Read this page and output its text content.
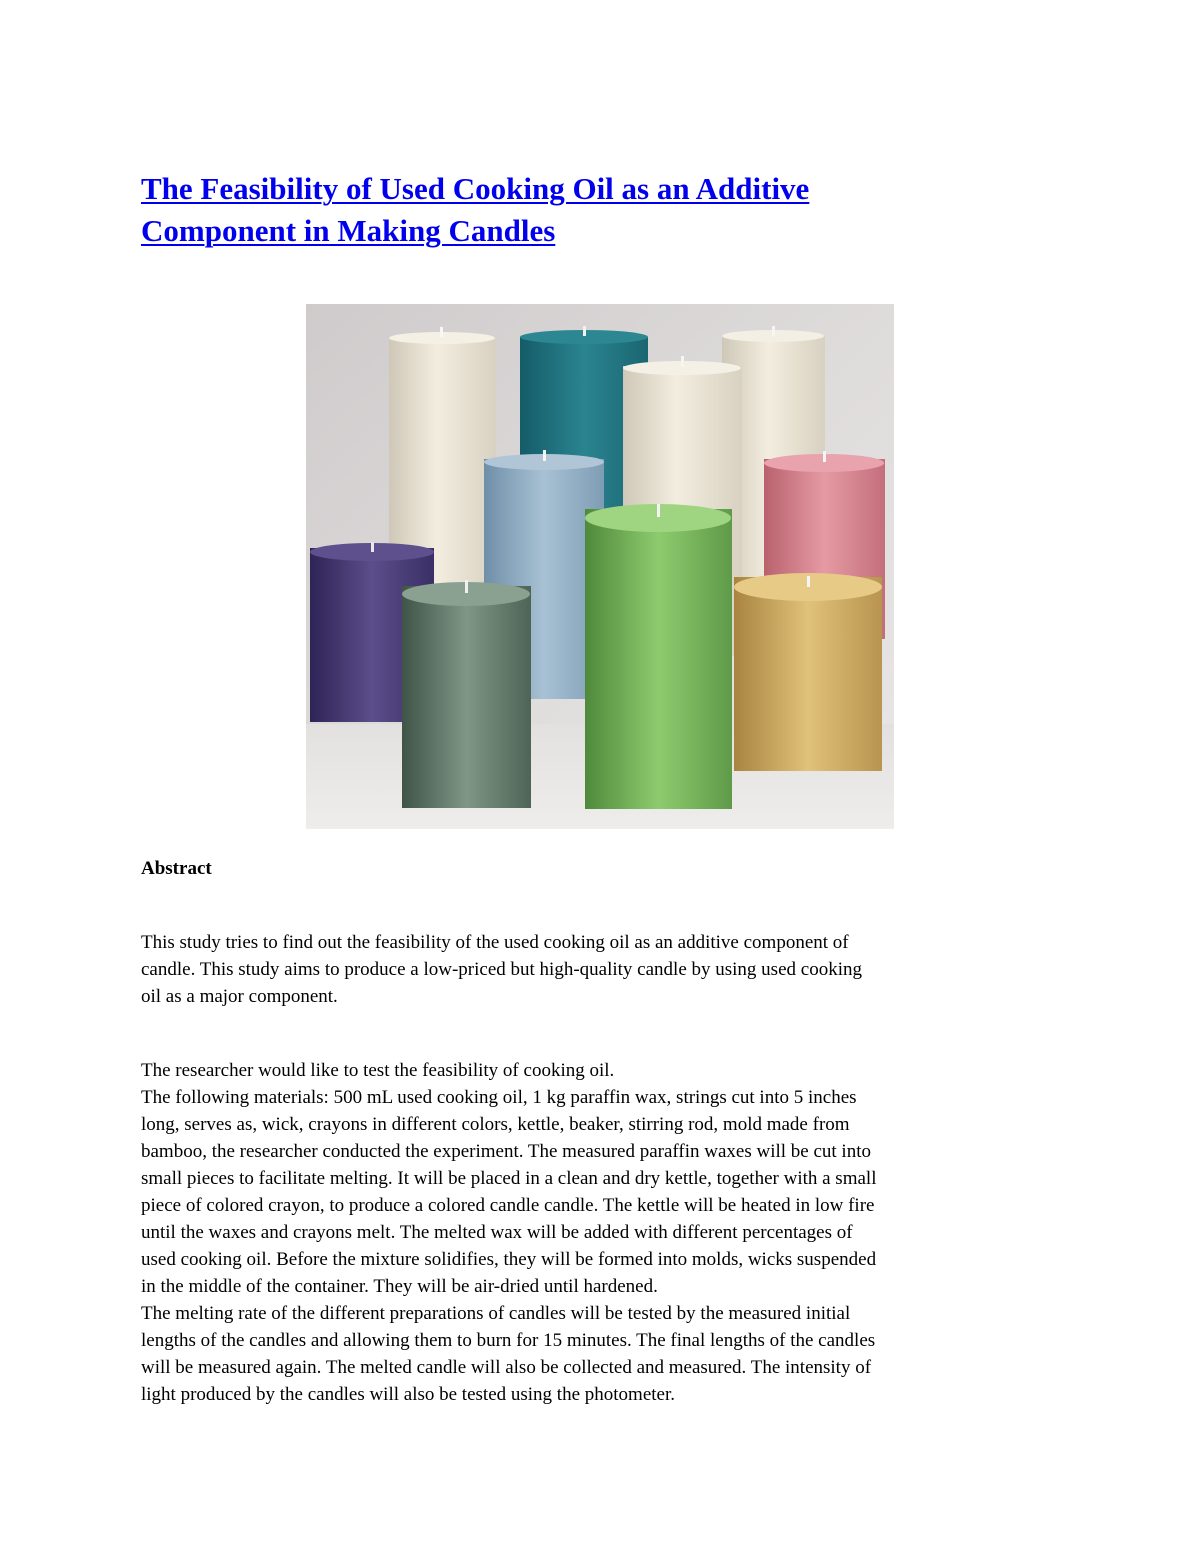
The Feasibility of Used Cooking Oil as an Additive
Component in Making Candles
Abstract

This study tries to find out the feasibility of the used cooking oil as an additive component of
candle. This study aims to produce a low-priced but high-quality candle by using used cooking
oil as a major component.

The researcher would like to test the feasibility of cooking oil.
The following materials: 500 mL used cooking oil, 1 kg paraffin wax, strings cut into 5 inches
long, serves as, wick, crayons in different colors, kettle, beaker, stirring rod, mold made from
bamboo, the researcher conducted the experiment. The measured paraffin waxes will be cut into
small pieces to facilitate melting. It will be placed in a clean and dry kettle, together with a small
piece of colored crayon, to produce a colored candle candle. The kettle will be heated in low fire
until the waxes and crayons melt. The melted wax will be added with different percentages of
used cooking oil. Before the mixture solidifies, they will be formed into molds, wicks suspended
in the middle of the container. They will be air-dried until hardened.
The melting rate of the different preparations of candles will be tested by the measured initial
lengths of the candles and allowing them to burn for 15 minutes. The final lengths of the candles
will be measured again. The melted candle will also be collected and measured. The intensity of
light produced by the candles will also be tested using the photometer.
